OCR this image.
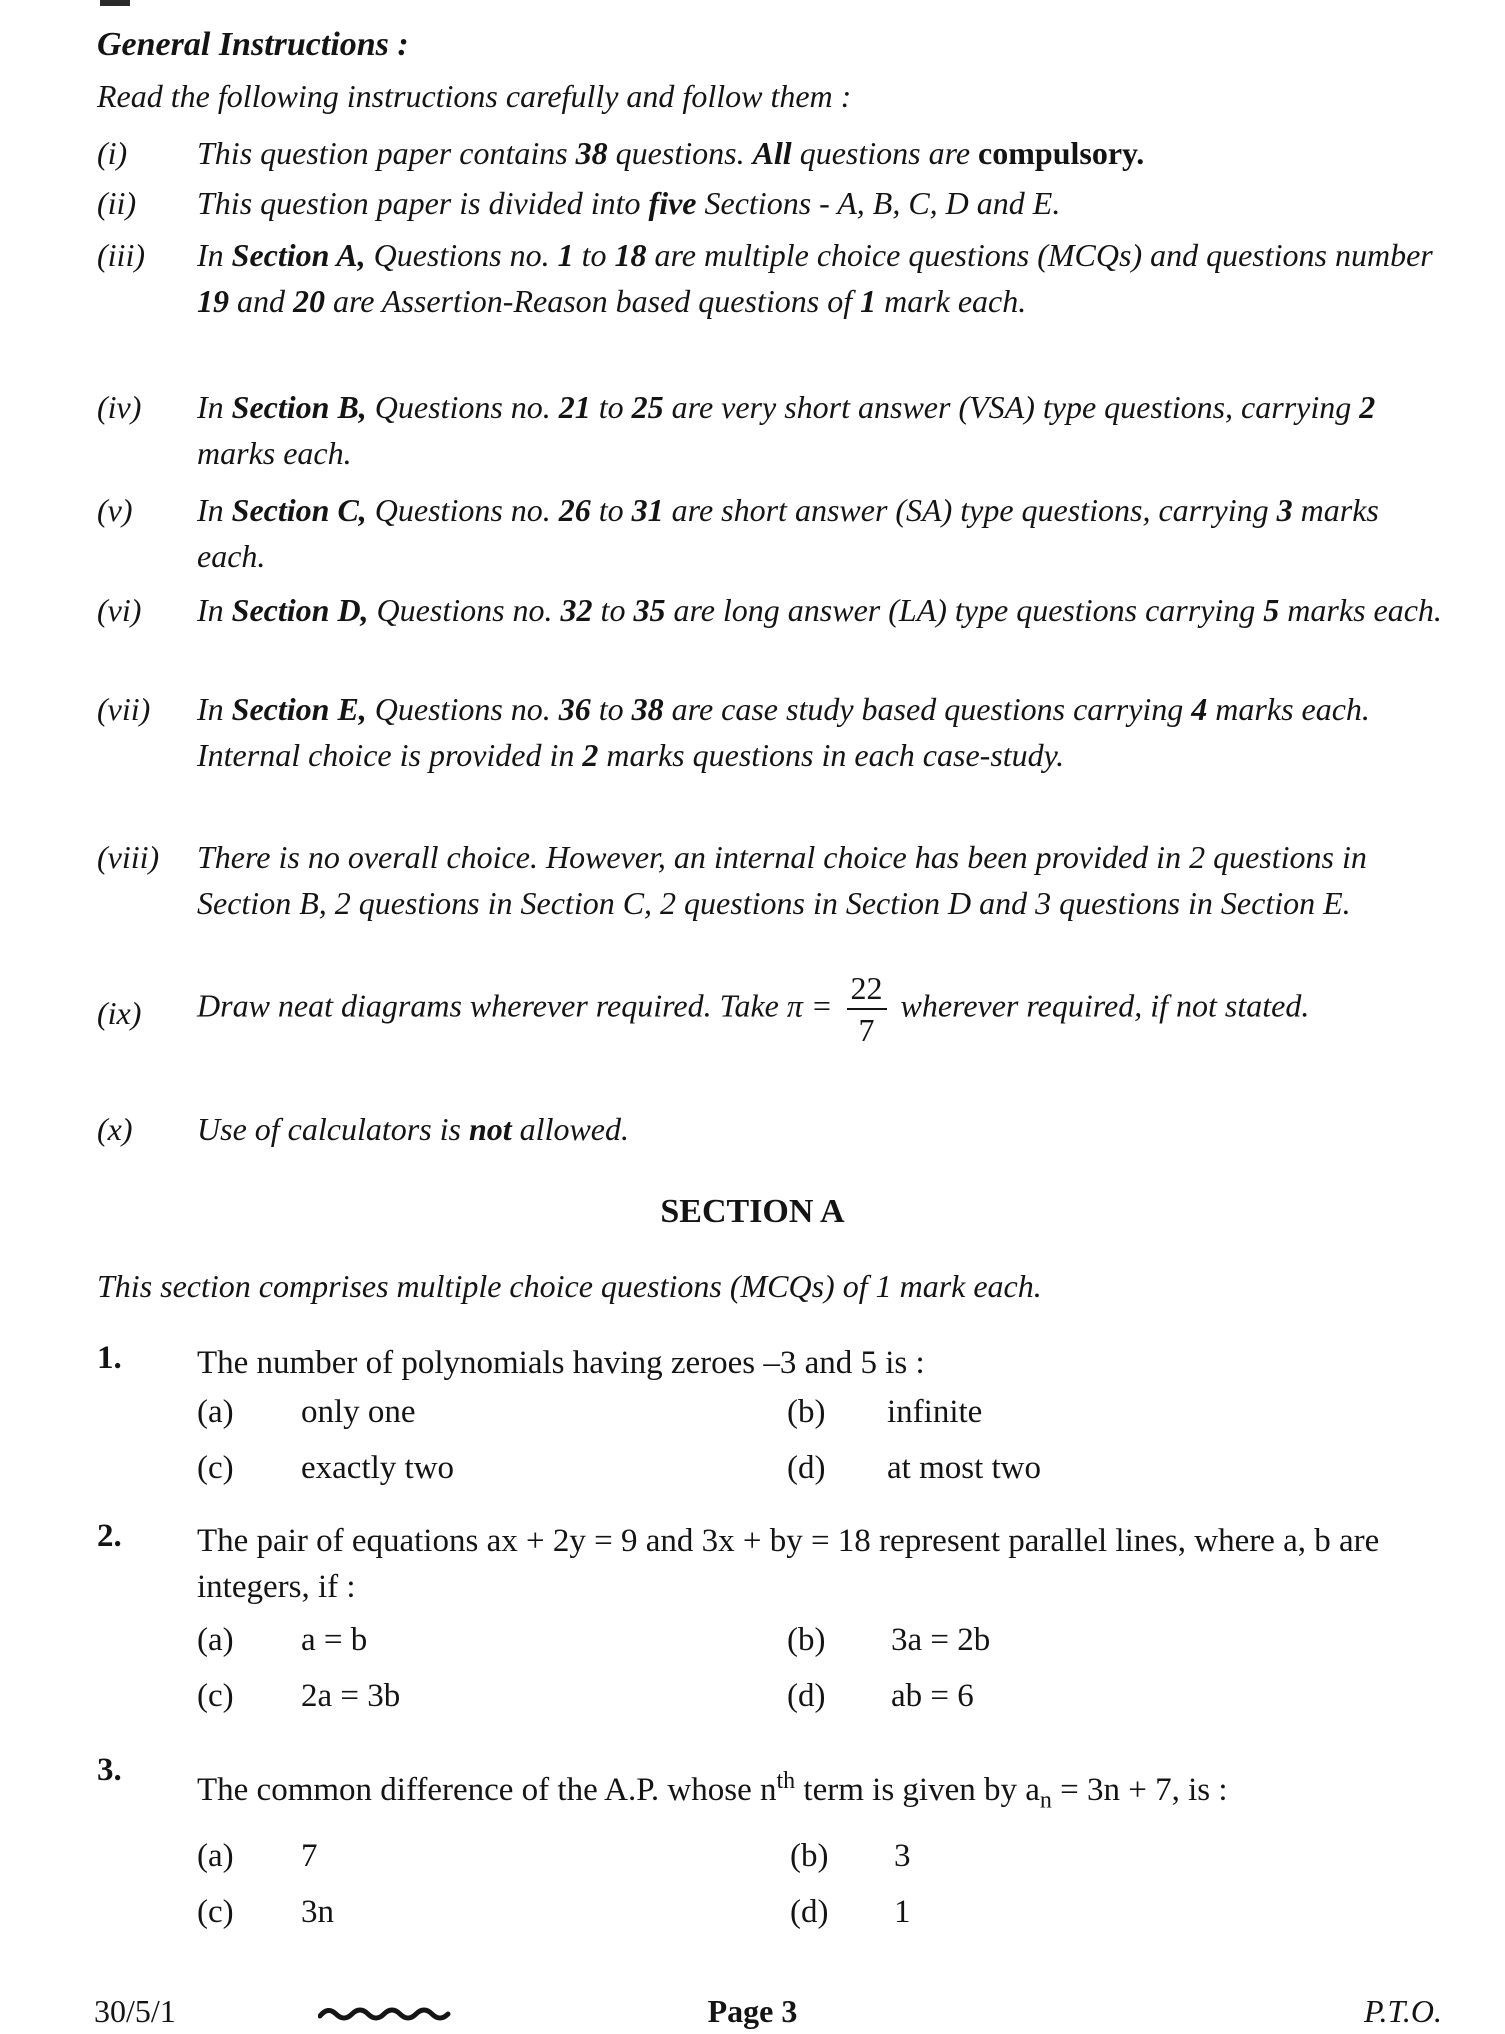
General Instructions :
Read the following instructions carefully and follow them :
(i) This question paper contains 38 questions. All questions are compulsory.
(ii) This question paper is divided into five Sections - A, B, C, D and E.
(iii) In Section A, Questions no. 1 to 18 are multiple choice questions (MCQs) and questions number 19 and 20 are Assertion-Reason based questions of 1 mark each.
(iv) In Section B, Questions no. 21 to 25 are very short answer (VSA) type questions, carrying 2 marks each.
(v) In Section C, Questions no. 26 to 31 are short answer (SA) type questions, carrying 3 marks each.
(vi) In Section D, Questions no. 32 to 35 are long answer (LA) type questions carrying 5 marks each.
(vii) In Section E, Questions no. 36 to 38 are case study based questions carrying 4 marks each. Internal choice is provided in 2 marks questions in each case-study.
(viii) There is no overall choice. However, an internal choice has been provided in 2 questions in Section B, 2 questions in Section C, 2 questions in Section D and 3 questions in Section E.
(ix) Draw neat diagrams wherever required. Take $\pi = \frac{22}{7}$ wherever required, if not stated.
(x) Use of calculators is not allowed.
SECTION A
This section comprises multiple choice questions (MCQs) of 1 mark each.
1. The number of polynomials having zeroes –3 and 5 is :
(a) only one	(b) infinite
(c) exactly two	(d) at most two
2. The pair of equations ax + 2y = 9 and 3x + by = 18 represent parallel lines, where a, b are integers, if :
(a) a = b	(b) 3a = 2b
(c) 2a = 3b	(d) ab = 6
3.
The common difference of the A.P. whose $n^{th}$ term is given by $a_n = 3n + 7$, is :
(a) 7	(b) 3
(c) 3n	(d) 1
30/5/1	Page 3	P.T.O.
